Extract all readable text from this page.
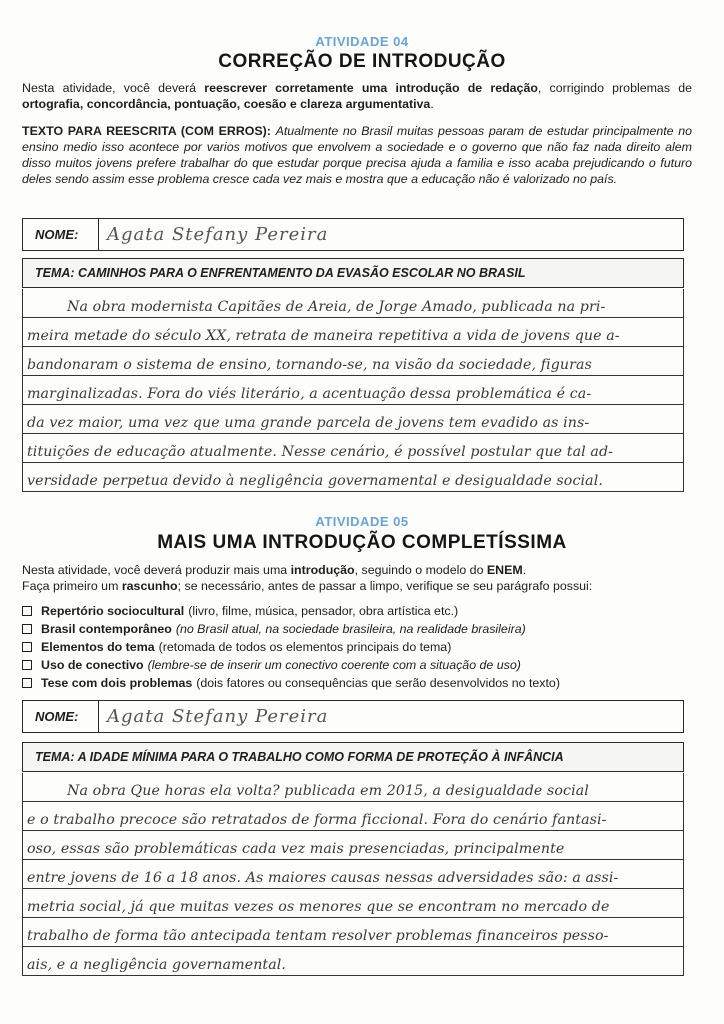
ATIVIDADE 04
CORREÇÃO DE INTRODUÇÃO

Nesta atividade, você deverá reescrever corretamente uma introdução de redação, corrigindo problemas de ortografia, concordância, pontuação, coesão e clareza argumentativa.

TEXTO PARA REESCRITA (COM ERROS): Atualmente no Brasil muitas pessoas param de estudar principalmente no ensino medio isso acontece por varios motivos que envolvem a sociedade e o governo que não faz nada direito alem disso muitos jovens prefere trabalhar do que estudar porque precisa ajuda a familia e isso acaba prejudicando o futuro deles sendo assim esse problema cresce cada vez mais e mostra que a educação não é valorizado no país.

NOME:	Agata Stefany Pereira
TEMA: CAMINHOS PARA O ENFRENTAMENTO DA EVASÃO ESCOLAR NO BRASIL
Na obra modernista Capitães de Areia, de Jorge Amado, publicada na pri-
meira metade do século XX, retrata de maneira repetitiva a vida de jovens que a-
bandonaram o sistema de ensino, tornando-se, na visão da sociedade, figuras
marginalizadas. Fora do viés literário, a acentuação dessa problemática é ca-
da vez maior, uma vez que uma grande parcela de jovens tem evadido as ins-
tituições de educação atualmente. Nesse cenário, é possível postular que tal ad-
versidade perpetua devido à negligência governamental e desigualdade social.
ATIVIDADE 05
MAIS UMA INTRODUÇÃO COMPLETÍSSIMA

Nesta atividade, você deverá produzir mais uma introdução, seguindo o modelo do ENEM.
Faça primeiro um rascunho; se necessário, antes de passar a limpo, verifique se seu parágrafo possui:

Repertório sociocultural (livro, filme, música, pensador, obra artística etc.)
Brasil contemporâneo (no Brasil atual, na sociedade brasileira, na realidade brasileira)
Elementos do tema (retomada de todos os elementos principais do tema)
Uso de conectivo (lembre-se de inserir um conectivo coerente com a situação de uso)
Tese com dois problemas (dois fatores ou consequências que serão desenvolvidos no texto)
NOME:	Agata Stefany Pereira
TEMA: A IDADE MÍNIMA PARA O TRABALHO COMO FORMA DE PROTEÇÃO À INFÂNCIA
Na obra Que horas ela volta? publicada em 2015, a desigualdade social
e o trabalho precoce são retratados de forma ficcional. Fora do cenário fantasi-
oso, essas são problemáticas cada vez mais presenciadas, principalmente
entre jovens de 16 a 18 anos. As maiores causas nessas adversidades são: a assi-
metria social, já que muitas vezes os menores que se encontram no mercado de
trabalho de forma tão antecipada tentam resolver problemas financeiros pesso-
ais, e a negligência governamental.
